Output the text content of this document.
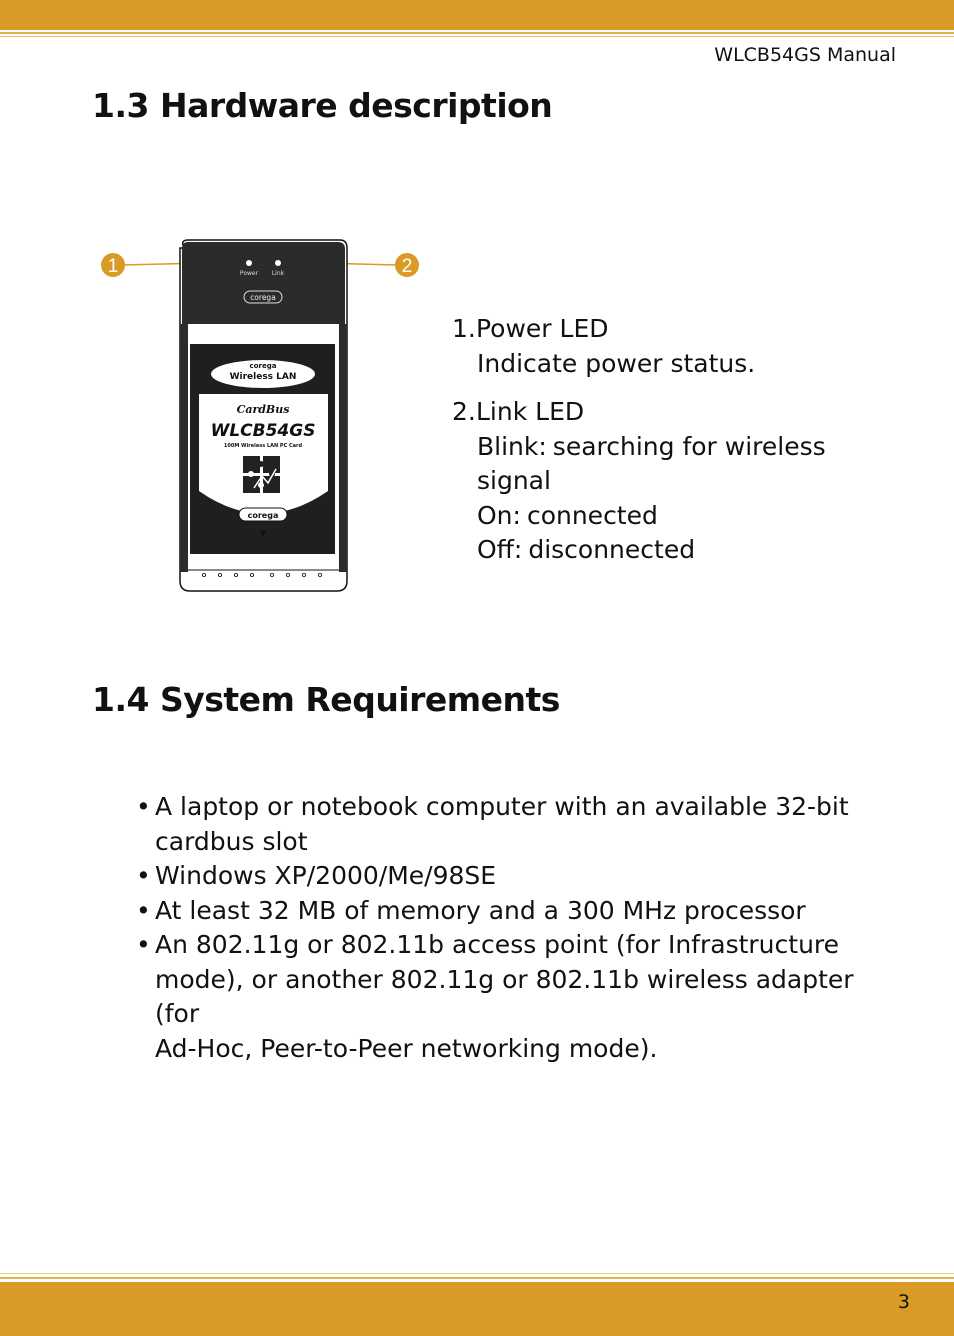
WLCB54GS Manual
1.3 Hardware description
1	2
Power Link
corega
corega
Wireless LAN
CardBus
WLCB54GS
100M Wireless LAN PC Card
corega
▼
1.Power LED
Indicate power status.
2.Link LED
Blink: searching for wireless
signal
On: connected
Off: disconnected
1.4 System Requirements
• A laptop or notebook computer with an available 32-bit
cardbus slot
• Windows XP/2000/Me/98SE
• At least 32 MB of memory and a 300 MHz processor
• An 802.11g or 802.11b access point (for Infrastructure
mode), or another 802.11g or 802.11b wireless adapter (for
Ad-Hoc, Peer-to-Peer networking mode).
3
